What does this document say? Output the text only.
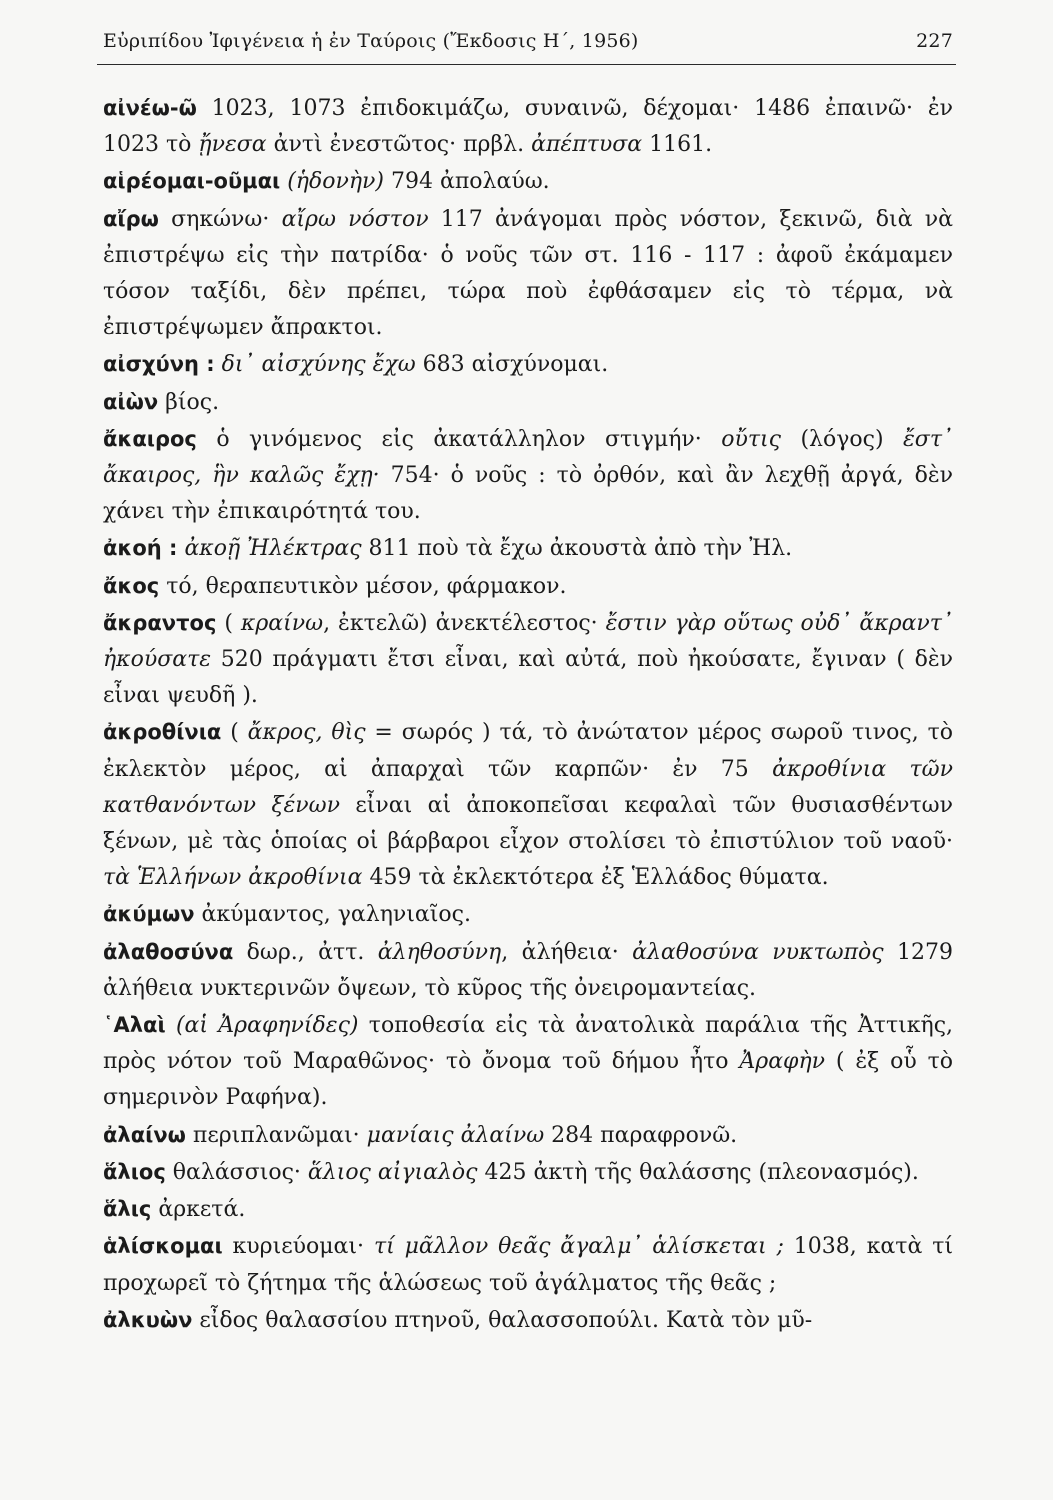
Εὐριπίδου Ἰφιγένεια ἡ ἐν Ταύροις (Ἔκδοσις Η΄, 1956)	227

αἰνέω-ῶ 1023, 1073 ἐπιδοκιμάζω, συναινῶ, δέχομαι· 1486 ἐπαινῶ· ἐν 1023 τὸ ᾔνεσα ἀντὶ ἐνεστῶτος· πρβλ. ἀπέπτυσα 1161.

αἱρέομαι-οῦμαι (ἡδονὴν) 794 ἀπολαύω.

αἴρω σηκώνω· αἴρω νόστον 117 ἀνάγομαι πρὸς νόστον, ξεκινῶ, διὰ νὰ ἐπιστρέψω εἰς τὴν πατρίδα· ὁ νοῦς τῶν στ. 116 - 117 : ἀφοῦ ἐκάμαμεν τόσον ταξίδι, δὲν πρέπει, τώρα ποὺ ἐφθάσαμεν εἰς τὸ τέρμα, νὰ ἐπιστρέψωμεν ἄπρακτοι.

αἰσχύνη : δι᾿ αἰσχύνης ἔχω 683 αἰσχύνομαι.

αἰὼν βίος.

ἄκαιρος ὁ γινόμενος εἰς ἀκατάλληλον στιγμήν· οὔτις (λόγος) ἔστ᾿ ἄκαιρος, ἣν καλῶς ἔχῃ· 754· ὁ νοῦς : τὸ ὀρθόν, καὶ ἂν λεχθῇ ἀργά, δὲν χάνει τὴν ἐπικαιρότητά του.

ἀκοή : ἀκοῇ Ἠλέκτρας 811 ποὺ τὰ ἔχω ἀκουστὰ ἀπὸ τὴν Ἠλ.

ἄκος τό, θεραπευτικὸν μέσον, φάρμακον.

ἄκραντος ( κραίνω, ἐκτελῶ) ἀνεκτέλεστος· ἔστιν γὰρ οὕτως οὐδ᾿ ἄκραντ᾿ ἠκούσατε 520 πράγματι ἔτσι εἶναι, καὶ αὐτά, ποὺ ἠκούσατε, ἔγιναν ( δὲν εἶναι ψευδῆ ).

ἀκροθίνια ( ἄκρος, θὶς = σωρός ) τά, τὸ ἀνώτατον μέρος σωροῦ τινος, τὸ ἐκλεκτὸν μέρος, αἱ ἀπαρχαὶ τῶν καρπῶν· ἐν 75 ἀκροθίνια τῶν κατθανόντων ξένων εἶναι αἱ ἀποκοπεῖσαι κεφαλαὶ τῶν θυσιασθέντων ξένων, μὲ τὰς ὁποίας οἱ βάρβαροι εἶχον στολίσει τὸ ἐπιστύλιον τοῦ ναοῦ· τὰ Ἑλλήνων ἀκροθίνια 459 τὰ ἐκλεκτότερα ἐξ Ἑλλάδος θύματα.

ἀκύμων ἀκύμαντος, γαληνιαῖος.

ἀλαθοσύνα δωρ., ἀττ. ἀληθοσύνη, ἀλήθεια· ἀλαθοσύνα νυκτωπὸς 1279 ἀλήθεια νυκτερινῶν ὄψεων, τὸ κῦρος τῆς ὀνειρομαντείας.

῾Αλαὶ (αἱ Ἀραφηνίδες) τοποθεσία εἰς τὰ ἀνατολικὰ παράλια τῆς Ἀττικῆς, πρὸς νότον τοῦ Μαραθῶνος· τὸ ὄνομα τοῦ δήμου ἦτο Ἀραφὴν ( ἐξ οὗ τὸ σημερινὸν Ραφήνα).

ἀλαίνω περιπλανῶμαι· μανίαις ἀλαίνω 284 παραφρονῶ.

ἅλιος θαλάσσιος· ἅλιος αἰγιαλὸς 425 ἀκτὴ τῆς θαλάσσης (πλεονασμός).

ἅλις ἀρκετά.

ἁλίσκομαι κυριεύομαι· τί μᾶλλον θεᾶς ἄγαλμ᾿ ἁλίσκεται ; 1038, κατὰ τί προχωρεῖ τὸ ζήτημα τῆς ἁλώσεως τοῦ ἀγάλματος τῆς θεᾶς ;

ἀλκυὼν εἶδος θαλασσίου πτηνοῦ, θαλασσοπούλι. Κατὰ τὸν μῦ-
